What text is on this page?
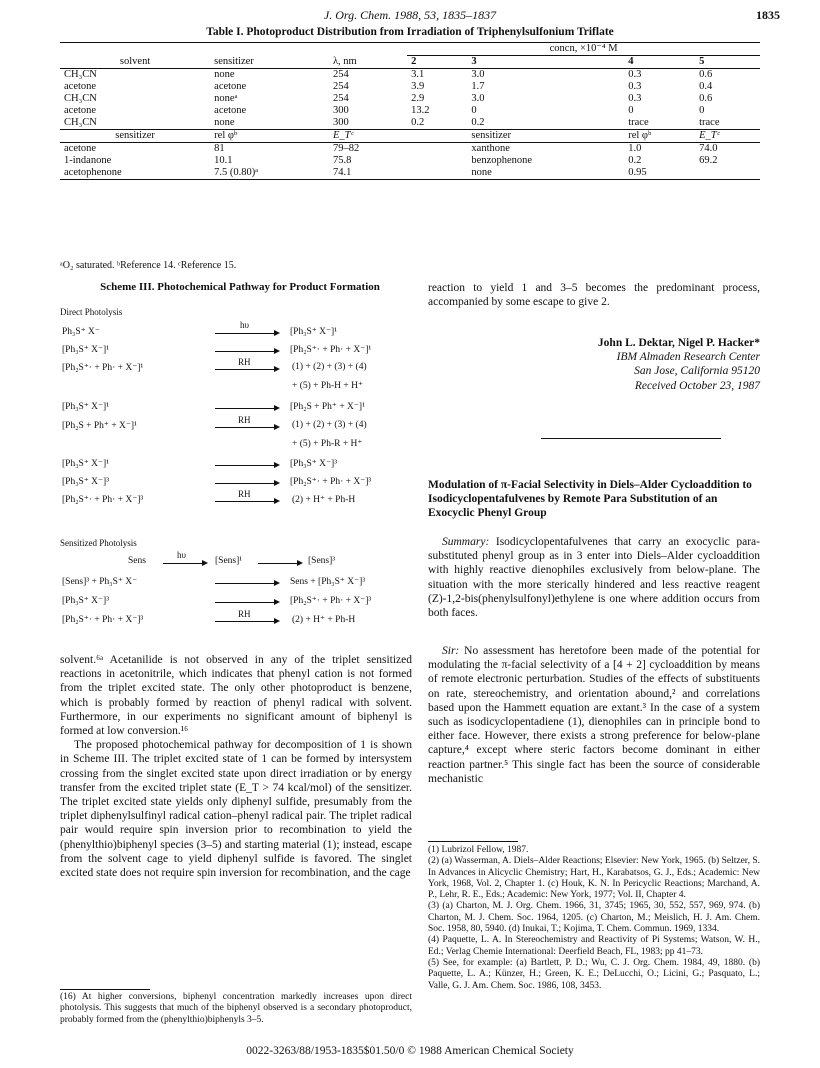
J. Org. Chem. 1988, 53, 1835–1837	1835
Table I. Photoproduct Distribution from Irradiation of Triphenylsulfonium Triflate
			concn, ×10⁻⁴ M			
solvent	sensitizer	λ, nm	2	3	4	5
CH₃CN	none	254	3.1	3.0	0.3	0.6
acetone	acetone	254	3.9	1.7	0.3	0.4
CH₃CN	noneᵃ	254	2.9	3.0	0.3	0.6
acetone	acetone	300	13.2	0	0	0
CH₃CN	none	300	0.2	0.2	trace	trace
sensitizer	rel φᵇ	E_Tᶜ		sensitizer	rel φᵇ	E_Tᶜ
acetone	81	79–82		xanthone	1.0	74.0
1-indanone	10.1	75.8		benzophenone	0.2	69.2
acetophenone	7.5 (0.80)ᵃ	74.1		none	0.95	
ᵃO₂ saturated. ᵇReference 14. ᶜReference 15.
Scheme III. Photochemical Pathway for Product Formation
Direct Photolysis
Ph₃S⁺ X⁻
hυ
[Ph₃S⁺ X⁻]¹
[Ph₃S⁺ X⁻]¹	[Ph₂S⁺· + Ph· + X⁻]¹
[Ph₂S⁺· + Ph· + X⁻]¹
RH	(1) + (2) + (3) + (4)
+ (5) + Ph-H + H⁺
[Ph₃S⁺ X⁻]¹	[Ph₂S + Ph⁺ + X⁻]¹
[Ph₂S + Ph⁺ + X⁻]¹
RH	(1) + (2) + (3) + (4)
+ (5) + Ph-R + H⁺
[Ph₃S⁺ X⁻]¹	[Ph₃S⁺ X⁻]³
[Ph₃S⁺ X⁻]³	[Ph₂S⁺· + Ph· + X⁻]³
[Ph₂S⁺· + Ph· + X⁻]³
RH
(2) + H⁺ + Ph-H
Sensitized Photolysis
Sens
hυ
[Sens]¹	[Sens]³
[Sens]³ + Ph₃S⁺ X⁻	Sens + [Ph₃S⁺ X⁻]³
[Ph₃S⁺ X⁻]³	[Ph₂S⁺· + Ph· + X⁻]³
[Ph₂S⁺· + Ph· + X⁻]³
RH
(2) + H⁺ + Ph-H
solvent.⁶ᵃ Acetanilide is not observed in any of the triplet sensitized reactions in acetonitrile, which indicates that phenyl cation is not formed from the triplet excited state. The only other photoproduct is benzene, which is probably formed by reaction of phenyl radical with solvent. Furthermore, in our experiments no significant amount of biphenyl is formed at low conversion.¹⁶
The proposed photochemical pathway for decomposition of 1 is shown in Scheme III. The triplet excited state of 1 can be formed by intersystem crossing from the singlet excited state upon direct irradiation or by energy transfer from the excited triplet state (E_T > 74 kcal/mol) of the sensitizer. The triplet excited state yields only diphenyl sulfide, presumably from the triplet diphenylsulfinyl radical cation–phenyl radical pair. The triplet radical pair would require spin inversion prior to recombination to yield the (phenylthio)biphenyl species (3–5) and starting material (1); instead, escape from the solvent cage to yield diphenyl sulfide is favored. The singlet excited state does not require spin inversion for recombination, and the cage
(16) At higher conversions, biphenyl concentration markedly increases upon direct photolysis. This suggests that much of the biphenyl observed is a secondary photoproduct, probably formed from the (phenylthio)biphenyls 3–5.
reaction to yield 1 and 3–5 becomes the predominant process, accompanied by some escape to give 2.
John L. Dektar, Nigel P. Hacker*
IBM Almaden Research Center
San Jose, California 95120
Received October 23, 1987
Modulation of π-Facial Selectivity in Diels–Alder Cycloaddition to Isodicyclopentafulvenes by Remote Para Substitution of an Exocyclic Phenyl Group
Summary: Isodicyclopentafulvenes that carry an exocyclic para-substituted phenyl group as in 3 enter into Diels–Alder cycloaddition with highly reactive dienophiles exclusively from below-plane. The situation with the more sterically hindered and less reactive reagent (Z)-1,2-bis(phenylsulfonyl)ethylene is one where addition occurs from both faces.
Sir: No assessment has heretofore been made of the potential for modulating the π-facial selectivity of a [4 + 2] cycloaddition by means of remote electronic perturbation. Studies of the effects of substituents on rate, stereochemistry, and orientation abound,² and correlations based upon the Hammett equation are extant.³ In the case of a system such as isodicyclopentadiene (1), dienophiles can in principle bond to either face. However, there exists a strong preference for below-plane capture,⁴ except where steric factors become dominant in either reaction partner.⁵ This single fact has been the source of considerable mechanistic
(1) Lubrizol Fellow, 1987.
(2) (a) Wasserman, A. Diels–Alder Reactions; Elsevier: New York, 1965. (b) Seltzer, S. In Advances in Alicyclic Chemistry; Hart, H., Karabatsos, G. J., Eds.; Academic: New York, 1968, Vol. 2, Chapter 1. (c) Houk, K. N. In Pericyclic Reactions; Marchand, A. P., Lehr, R. E., Eds.; Academic: New York, 1977; Vol. II, Chapter 4.
(3) (a) Charton, M. J. Org. Chem. 1966, 31, 3745; 1965, 30, 552, 557, 969, 974. (b) Charton, M. J. Chem. Soc. 1964, 1205. (c) Charton, M.; Meislich, H. J. Am. Chem. Soc. 1958, 80, 5940. (d) Inukai, T.; Kojima, T. Chem. Commun. 1969, 1334.
(4) Paquette, L. A. In Stereochemistry and Reactivity of Pi Systems; Watson, W. H., Ed.; Verlag Chemie International: Deerfield Beach, FL, 1983; pp 41–73.
(5) See, for example: (a) Bartlett, P. D.; Wu, C. J. Org. Chem. 1984, 49, 1880. (b) Paquette, L. A.; Künzer, H.; Green, K. E.; DeLucchi, O.; Licini, G.; Pasquato, L.; Valle, G. J. Am. Chem. Soc. 1986, 108, 3453.
0022-3263/88/1953-1835$01.50/0 © 1988 American Chemical Society
